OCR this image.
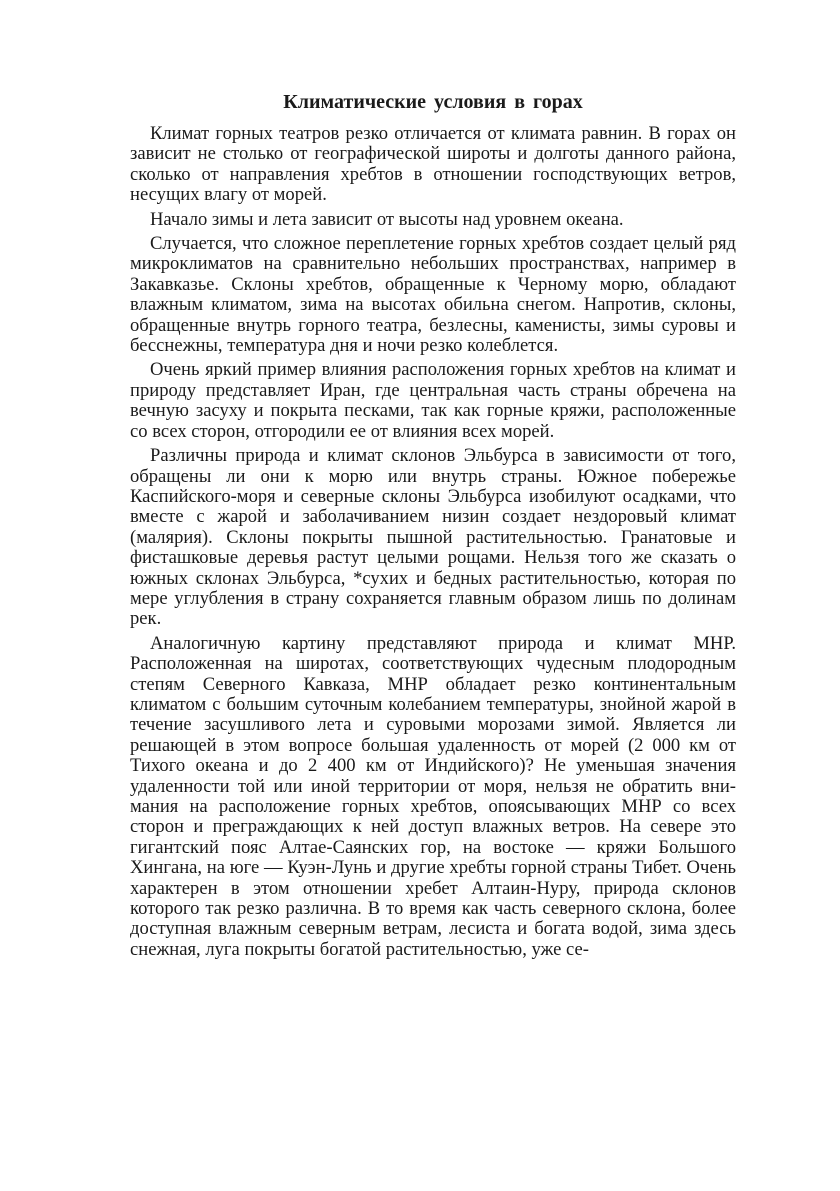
Климатические условия в горах

Климат горных театров резко отличается от климата равнин. В горах он зависит не столько от географической широты и долготы данного района, сколько от направления хребтов в отношении господствующих ветров, несущих влагу от морей.

Начало зимы и лета зависит от высоты над уровнем океана.

Случается, что сложное переплетение горных хребтов создает целый ряд микроклиматов на сравнительно небольших пространствах, например в Закавказье. Склоны хребтов, обращенные к Черному морю, обладают влажным климатом, зима на высотах обильна снегом. Напротив, склоны, обращенные внутрь горного театра, безлесны, каменисты, зимы суровы и бесснежны, температура дня и ночи резко колеблется.

Очень яркий пример влияния расположения горных хребтов на климат и природу представляет Иран, где центральная часть страны обречена на вечную засуху и покрыта песками, так как горные кряжи, расположенные со всех сторон, отгородили ее от влияния всех морей.

Различны природа и климат склонов Эльбурса в зависимости от того, обращены ли они к морю или внутрь страны. Южное побережье Каспийского-моря и северные склоны Эльбурса изобилуют осадками, что вместе с жарой и заболачиванием низин создает нездоровый климат (малярия). Склоны покрыты пышной растительностью. Гранатовые и фисташковые деревья растут целыми рощами. Нельзя того же сказать о южных склонах Эльбурса, *сухих и бедных растительностью, которая по мере углубления в страну сохраняется главным образом лишь по долинам рек.

Аналогичную картину представляют природа и климат МНР. Расположенная на широтах, соответствующих чудесным плодородным степям Северного Кавказа, МНР обладает резко континентальным климатом с большим суточным колебанием температуры, знойной жарой в течение засушливого лета и суровыми морозами зимой. Является ли решающей в этом вопросе большая удаленность от морей (2 000 км от Тихого океана и до 2 400 км от Индийского)? Не уменьшая значения удаленности той или иной территории от моря, нельзя не обратить внимания на расположение горных хребтов, опоясывающих МНР со всех сторон и преграждающих к ней доступ влажных ветров. На севере это гигантский пояс Алтае-Саянских гор, на востоке — кряжи Большого Хингана, на юге — Куэн-Лунь и другие хребты горной страны Тибет. Очень характерен в этом отношении хребет Алтаин-Нуру, природа склонов которого так резко различна. В то время как часть северного склона, более доступная влажным северным ветрам, лесиста и богата водой, зима здесь снежная, луга покрыты богатой растительностью, уже се-
